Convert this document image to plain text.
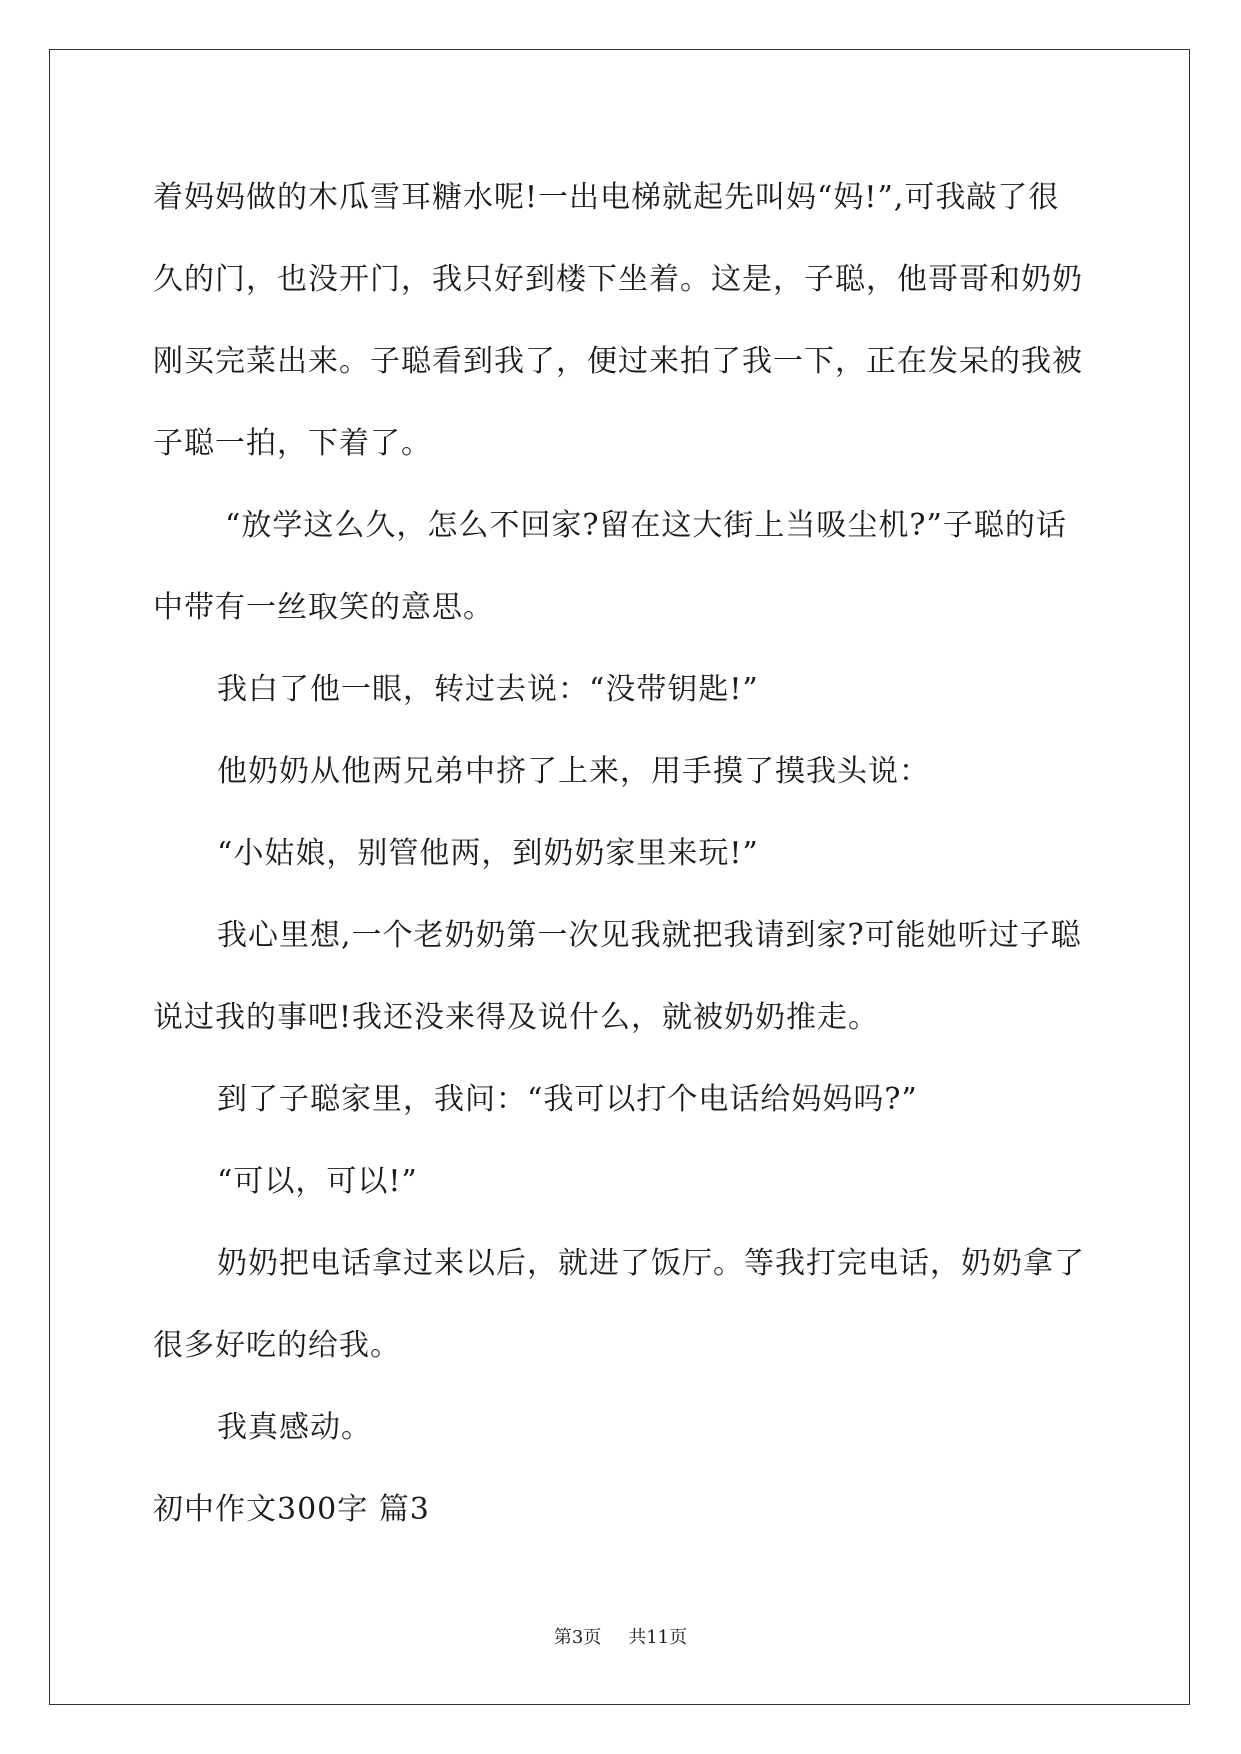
着妈妈做的木瓜雪耳糖水呢!一出电梯就起先叫妈“妈!”,可我敲了很
久的门，也没开门，我只好到楼下坐着。这是，子聪，他哥哥和奶奶
刚买完菜出来。子聪看到我了，便过来拍了我一下，正在发呆的我被
子聪一拍，下着了。
“放学这么久，怎么不回家?留在这大街上当吸尘机?”子聪的话
中带有一丝取笑的意思。
我白了他一眼，转过去说：“没带钥匙!”
他奶奶从他两兄弟中挤了上来，用手摸了摸我头说：
“小姑娘，别管他两，到奶奶家里来玩!”
我心里想,一个老奶奶第一次见我就把我请到家?可能她听过子聪
说过我的事吧!我还没来得及说什么，就被奶奶推走。
到了子聪家里，我问：“我可以打个电话给妈妈吗?”
“可以，可以!”
奶奶把电话拿过来以后，就进了饭厅。等我打完电话，奶奶拿了
很多好吃的给我。
我真感动。
初中作文300字 篇3
第3页 共11页
